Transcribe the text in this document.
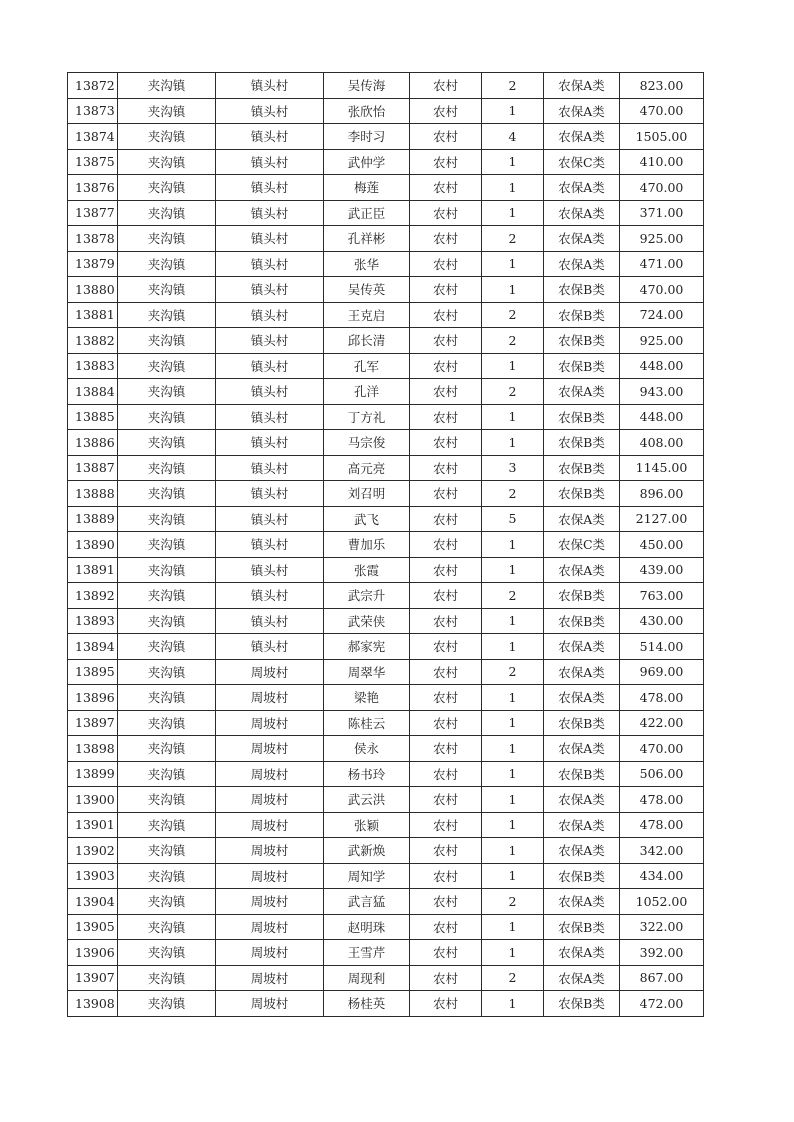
13872	夹沟镇	镇头村	吴传海	农村	2	农保A类	823.00
13873	夹沟镇	镇头村	张欣怡	农村	1	农保A类	470.00
13874	夹沟镇	镇头村	李时习	农村	4	农保A类	1505.00
13875	夹沟镇	镇头村	武仲学	农村	1	农保C类	410.00
13876	夹沟镇	镇头村	梅莲	农村	1	农保A类	470.00
13877	夹沟镇	镇头村	武正臣	农村	1	农保A类	371.00
13878	夹沟镇	镇头村	孔祥彬	农村	2	农保A类	925.00
13879	夹沟镇	镇头村	张华	农村	1	农保A类	471.00
13880	夹沟镇	镇头村	吴传英	农村	1	农保B类	470.00
13881	夹沟镇	镇头村	王克启	农村	2	农保B类	724.00
13882	夹沟镇	镇头村	邱长清	农村	2	农保B类	925.00
13883	夹沟镇	镇头村	孔军	农村	1	农保B类	448.00
13884	夹沟镇	镇头村	孔洋	农村	2	农保A类	943.00
13885	夹沟镇	镇头村	丁方礼	农村	1	农保B类	448.00
13886	夹沟镇	镇头村	马宗俊	农村	1	农保B类	408.00
13887	夹沟镇	镇头村	高元亮	农村	3	农保B类	1145.00
13888	夹沟镇	镇头村	刘召明	农村	2	农保B类	896.00
13889	夹沟镇	镇头村	武飞	农村	5	农保A类	2127.00
13890	夹沟镇	镇头村	曹加乐	农村	1	农保C类	450.00
13891	夹沟镇	镇头村	张霞	农村	1	农保A类	439.00
13892	夹沟镇	镇头村	武宗升	农村	2	农保B类	763.00
13893	夹沟镇	镇头村	武荣侠	农村	1	农保B类	430.00
13894	夹沟镇	镇头村	郝家宪	农村	1	农保A类	514.00
13895	夹沟镇	周坡村	周翠华	农村	2	农保A类	969.00
13896	夹沟镇	周坡村	梁艳	农村	1	农保A类	478.00
13897	夹沟镇	周坡村	陈桂云	农村	1	农保B类	422.00
13898	夹沟镇	周坡村	侯永	农村	1	农保A类	470.00
13899	夹沟镇	周坡村	杨书玲	农村	1	农保B类	506.00
13900	夹沟镇	周坡村	武云洪	农村	1	农保A类	478.00
13901	夹沟镇	周坡村	张颖	农村	1	农保A类	478.00
13902	夹沟镇	周坡村	武新焕	农村	1	农保A类	342.00
13903	夹沟镇	周坡村	周知学	农村	1	农保B类	434.00
13904	夹沟镇	周坡村	武言猛	农村	2	农保A类	1052.00
13905	夹沟镇	周坡村	赵明珠	农村	1	农保B类	322.00
13906	夹沟镇	周坡村	王雪芹	农村	1	农保A类	392.00
13907	夹沟镇	周坡村	周现利	农村	2	农保A类	867.00
13908	夹沟镇	周坡村	杨桂英	农村	1	农保B类	472.00
